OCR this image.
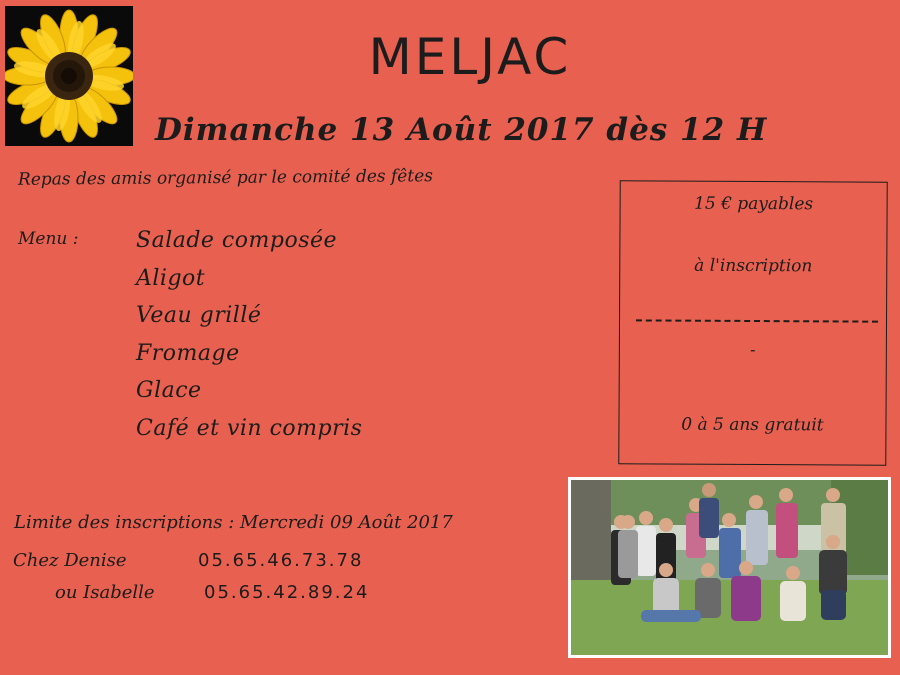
MELJAC
Dimanche 13 Août 2017 dès 12 H
Repas des amis organisé par le comité des fêtes
Menu :	Salade composée
Aligot
Veau grillé
Fromage
Glace
Café et vin compris
15 € payables
à l'inscription
-
0 à 5 ans gratuit
Limite des inscriptions : Mercredi 09 Août 2017
Chez Denise	05.65.46.73.78
ou Isabelle	05.65.42.89.24
